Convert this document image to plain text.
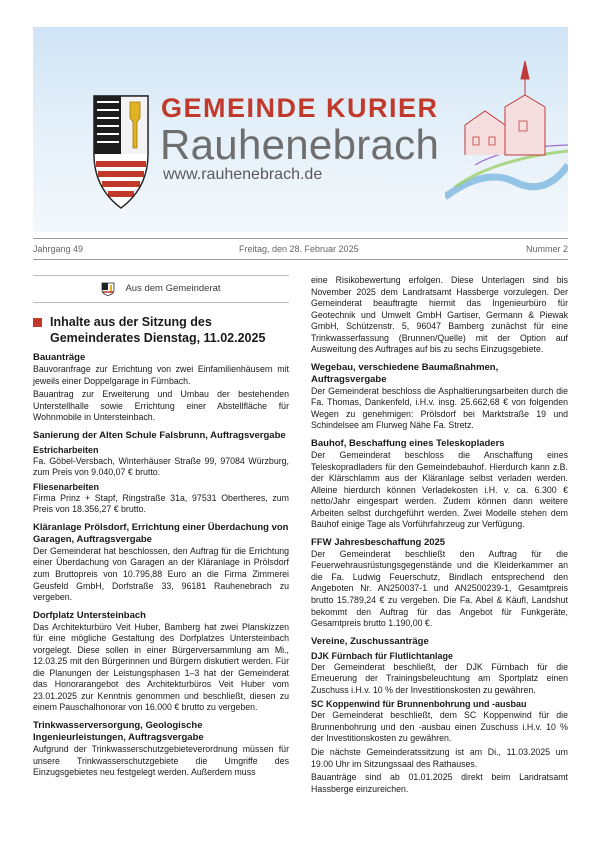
GEMEINDE KURIER
Rauhenebrach
www.rauhenebrach.de
Jahrgang 49	Freitag, den 28. Februar 2025	Nummer 2
Aus dem Gemeinderat
Inhalte aus der Sitzung des Gemeinderates Dienstag, 11.02.2025
Bauanträge

Bauvoranfrage zur Errichtung von zwei Einfamilienhäusern mit jeweils einer Doppelgarage in Fürnbach.

Bauantrag zur Erweiterung und Umbau der bestehenden Unterstellhalle sowie Errichtung einer Abstellfläche für Wohnmobile in Untersteinbach.

Sanierung der Alten Schule Falsbrunn, Auftragsvergabe
Estricharbeiten

Fa. Göbel-Versbach, Winterhäuser Straße 99, 97084 Würzburg, zum Preis von 9.040,07 € brutto.

Fliesenarbeiten

Firma Prinz + Stapf, Ringstraße 31a, 97531 Obertheres, zum Preis von 18.356,27 € brutto.

Kläranlage Prölsdorf, Errichtung einer Überdachung von Garagen, Auftragsvergabe

Der Gemeinderat hat beschlossen, den Auftrag für die Errichtung einer Überdachung von Garagen an der Kläranlage in Prölsdorf zum Bruttopreis von 10.795,88 Euro an die Firma Zimmerei Geusfeld GmbH, Dorfstraße 33, 96181 Rauhenebrach zu vergeben.

Dorfplatz Untersteinbach

Das Architekturbüro Veit Huber, Bamberg hat zwei Planskizzen für eine mögliche Gestaltung des Dorfplatzes Untersteinbach vorgelegt. Diese sollen in einer Bürgerversammlung am Mi., 12.03.25 mit den Bürgerinnen und Bürgern diskutiert werden. Für die Planungen der Leistungsphasen 1–3 hat der Gemeinderat das Honorarangebot des Architekturbüros Veit Huber vom 23.01.2025 zur Kenntnis genommen und beschließt, diesen zu einem Pauschalhonorar von 16.000 € brutto zu vergeben.

Trinkwasserversorgung, Geologische Ingenieurleistungen, Auftragsvergabe

Aufgrund der Trinkwasserschutzgebieteverordnung müssen für unsere Trinkwasserschutzgebiete die Umgriffe des Einzugsgebietes neu festgelegt werden. Außerdem muss

eine Risikobewertung erfolgen. Diese Unterlagen sind bis November 2025 dem Landratsamt Hassberge vorzulegen. Der Gemeinderat beauftragte hiermit das Ingenieurbüro für Geotechnik und Umwelt GmbH Gartiser, Germann & Piewak GmbH, Schützenstr. 5, 96047 Bamberg zunächst für eine Trinkwasserfassung (Brunnen/Quelle) mit der Option auf Ausweitung des Auftrages auf bis zu sechs Einzugsgebiete.

Wegebau, verschiedene Baumaßnahmen, Auftragsvergabe

Der Gemeinderat beschloss die Asphaltierungsarbeiten durch die Fa. Thomas, Dankenfeld, i.H.v. insg. 25.662,68 € von folgenden Wegen zu genehmigen: Prölsdorf bei Marktstraße 19 und Schindelsee am Flurweg Nähe Fa. Stretz.

Bauhof, Beschaffung eines Teleskopladers

Der Gemeinderat beschloss die Anschaffung eines Teleskopradladers für den Gemeindebauhof. Hierdurch kann z.B. der Klärschlamm aus der Kläranlage selbst verladen werden. Alleine hierdurch können Verladekosten i.H. v. ca. 6.300 € netto/Jahr eingespart werden. Zudem können dann weitere Arbeiten selbst durchgeführt werden. Zwei Modelle stehen dem Bauhof einige Tage als Vorführfahrzeug zur Verfügung.

FFW Jahresbeschaffung 2025

Der Gemeinderat beschließt den Auftrag für die Feuerwehrausrüstungsgegenstände und die Kleiderkammer an die Fa. Ludwig Feuerschutz, Bindlach entsprechend den Angeboten Nr. AN250037-1 und AN2500239-1, Gesamtpreis brutto 15.789,24 € zu vergeben. Die Fa. Abel & Käufl, Landshut bekommt den Auftrag für das Angebot für Funkgeräte, Gesamtpreis brutto 1.190,00 €.

Vereine, Zuschussanträge
DJK Fürnbach für Flutlichtanlage

Der Gemeinderat beschließt, der DJK Fürnbach für die Erneuerung der Trainingsbeleuchtung am Sportplatz einen Zuschuss i.H.v. 10 % der Investitionskosten zu gewähren.

SC Koppenwind für Brunnenbohrung und -ausbau

Der Gemeinderat beschließt, dem SC Koppenwind für die Brunnenbohrung und den -ausbau einen Zuschuss i.H.v. 10 % der Investitionskosten zu gewähren.

Die nächste Gemeinderatssitzung ist am Di., 11.03.2025 um 19.00 Uhr im Sitzungssaal des Rathauses.

Bauanträge sind ab 01.01.2025 direkt beim Landratsamt Hassberge einzureichen.
